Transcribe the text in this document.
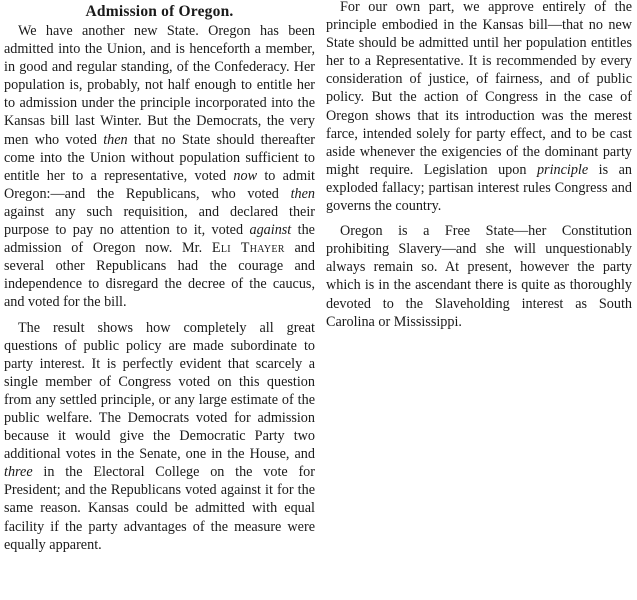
Admission of Oregon.

We have another new State. Oregon has been admitted into the Union, and is henceforth a member, in good and regular standing, of the Confederacy. Her population is, probably, not half enough to entitle her to admission under the principle incorporated into the Kansas bill last Winter. But the Democrats, the very men who voted then that no State should thereafter come into the Union without population sufficient to entitle her to a representative, voted now to admit Oregon:—and the Republicans, who voted then against any such requisition, and declared their purpose to pay no attention to it, voted against the admission of Oregon now. Mr. Eli Thayer and several other Republicans had the courage and independence to disregard the decree of the caucus, and voted for the bill.

The result shows how completely all great questions of public policy are made subordinate to party interest. It is perfectly evident that scarcely a single member of Congress voted on this question from any settled principle, or any large estimate of the public welfare. The Democrats voted for admission because it would give the Democratic Party two additional votes in the Senate, one in the House, and three in the Electoral College on the vote for President; and the Republicans voted against it for the same reason. Kansas could be admitted with equal facility if the party advantages of the measure were equally apparent.

For our own part, we approve entirely of the principle embodied in the Kansas bill—that no new State should be admitted until her population entitles her to a Representative. It is recommended by every consideration of justice, of fairness, and of public policy. But the action of Congress in the case of Oregon shows that its introduction was the merest farce, intended solely for party effect, and to be cast aside whenever the exigencies of the dominant party might require. Legislation upon principle is an exploded fallacy; partisan interest rules Congress and governs the country.

Oregon is a Free State—her Constitution prohibiting Slavery—and she will unquestionably always remain so. At present, however the party which is in the ascendant there is quite as thoroughly devoted to the Slaveholding interest as South Carolina or Mississippi.
